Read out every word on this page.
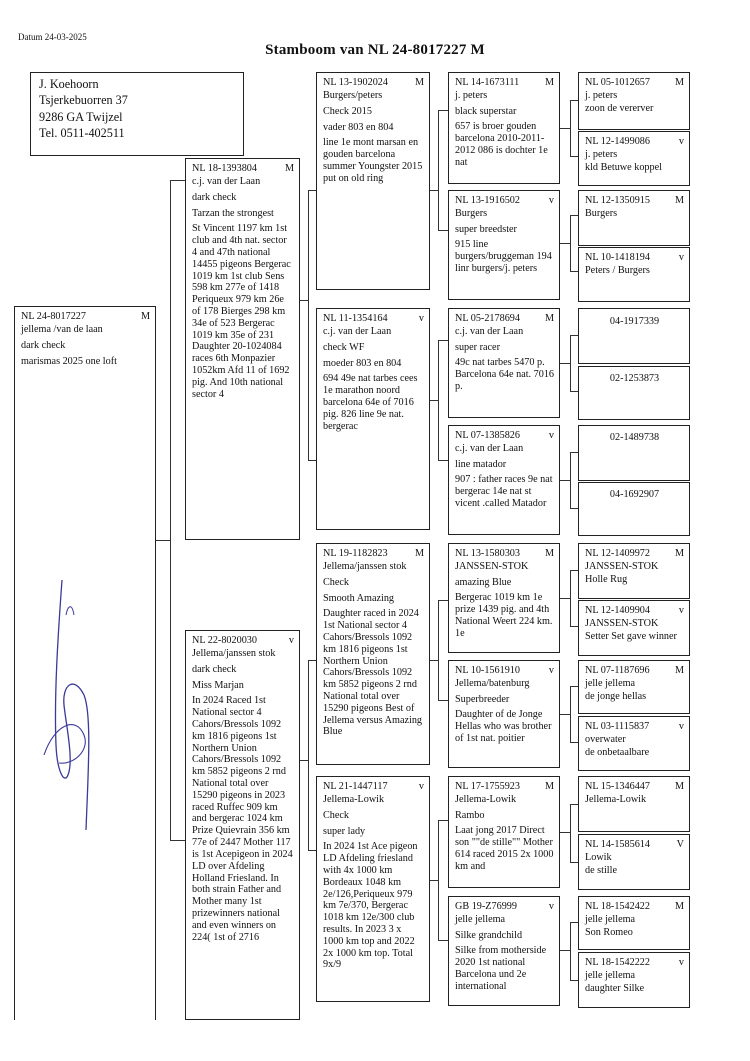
Datum 24-03-2025
Stamboom van NL 24-8017227 M
J. Koehoorn
Tsjerkebuorren 37
9286 GA Twijzel
Tel. 0511-402511
NL 24-8017227	M
jellema /van de laan
dark check
marismas 2025 one loft
NL 18-1393804	M
c.j. van der Laan
dark check
Tarzan the strongest
St Vincent 1197 km 1st club and 4th nat. sector 4 and 47th national 14455 pigeons Bergerac 1019 km 1st club Sens 598 km 277e of 1418 Periqueux 979 km 26e of 178 Bierges 298 km 34e of 523 Bergerac 1019 km 35e of 231 Daughter 20-1024084 races 6th Monpazier 1052km Afd 11 of 1692 pig. And 10th national sector 4
NL 22-8020030	v
Jellema/janssen stok
dark check
Miss Marjan
In 2024 Raced 1st National sector 4 Cahors/Bressols 1092 km 1816 pigeons 1st Northern Union Cahors/Bressols 1092 km 5852 pigeons 2 rnd National total over 15290 pigeons in 2023 raced Ruffec 909 km and bergerac 1024 km Prize Quievrain 356 km 77e of 2447 Mother 117 is 1st Acepigeon in 2024 LD over Afdeling Holland Friesland. In both strain Father and Mother many 1st prizewinners national and even winners on 224( 1st of 2716
NL 13-1902024	M
Burgers/peters
Check 2015
vader 803 en 804
line 1e mont marsan en gouden barcelona summer Youngster 2015 put on old ring
NL 11-1354164	v
c.j. van der Laan
check WF
moeder 803 en 804
694 49e nat tarbes cees 1e marathon noord barcelona 64e of 7016 pig. 826 line 9e nat. bergerac
NL 19-1182823	M
Jellema/janssen stok
Check
Smooth Amazing
Daughter raced in 2024 1st National sector 4 Cahors/Bressols 1092 km 1816 pigeons 1st Northern Union Cahors/Bressols 1092 km 5852 pigeons 2 rnd National total over 15290 pigeons Best of Jellema versus Amazing Blue
NL 21-1447117	v
Jellema-Lowik
Check
super lady
In 2024 1st Ace pigeon LD Afdeling friesland with 4x 1000 km Bordeaux 1048 km 2e/126,Periqueux 979 km 7e/370, Bergerac 1018 km 12e/300 club results. In 2023 3 x 1000 km top and 2022 2x 1000 km top. Total 9x/9
NL 14-1673111	M
j. peters
black superstar
657 is broer gouden barcelona 2010-2011-2012 086 is dochter 1e nat
NL 13-1916502	v
Burgers
super breedster
915 line burgers/bruggeman 194 linr burgers/j. peters
NL 05-2178694	M
c.j. van der Laan
super racer
49c nat tarbes 5470 p. Barcelona 64e nat. 7016 p.
NL 07-1385826	v
c.j. van der Laan
line matador
907 : father races 9e nat bergerac 14e nat st vicent .called Matador
NL 13-1580303	M
JANSSEN-STOK
amazing Blue
Bergerac 1019 km 1e prize 1439 pig. and 4th National Weert 224 km. 1e
NL 10-1561910	v
Jellema/batenburg
Superbreeder
Daughter of de Jonge Hellas who was brother of 1st nat. poitier
NL 17-1755923	M
Jellema-Lowik
Rambo
Laat jong 2017 Direct son ""de stille"" Mother 614 raced 2015 2x 1000 km and
GB 19-Z76999	v
jelle jellema
Silke grandchild
Silke from motherside 2020 1st national Barcelona und 2e international
NL 05-1012657	M
j. peters
zoon de vererver
NL 12-1499086	v
j. peters
kld Betuwe koppel
NL 12-1350915	M
Burgers
NL 10-1418194	v
Peters / Burgers
04-1917339
02-1253873
02-1489738
04-1692907
NL 12-1409972	M
JANSSEN-STOK
Holle Rug
NL 12-1409904	v
JANSSEN-STOK
Setter Set gave winner
NL 07-1187696	M
jelle jellema
de jonge hellas
NL 03-1115837	v
overwater
de onbetaalbare
NL 15-1346447	M
Jellema-Lowik
NL 14-1585614	V
Lowik
de stille
NL 18-1542422	M
jelle jellema
Son Romeo
NL 18-1542222	v
jelle jellema
daughter Silke
